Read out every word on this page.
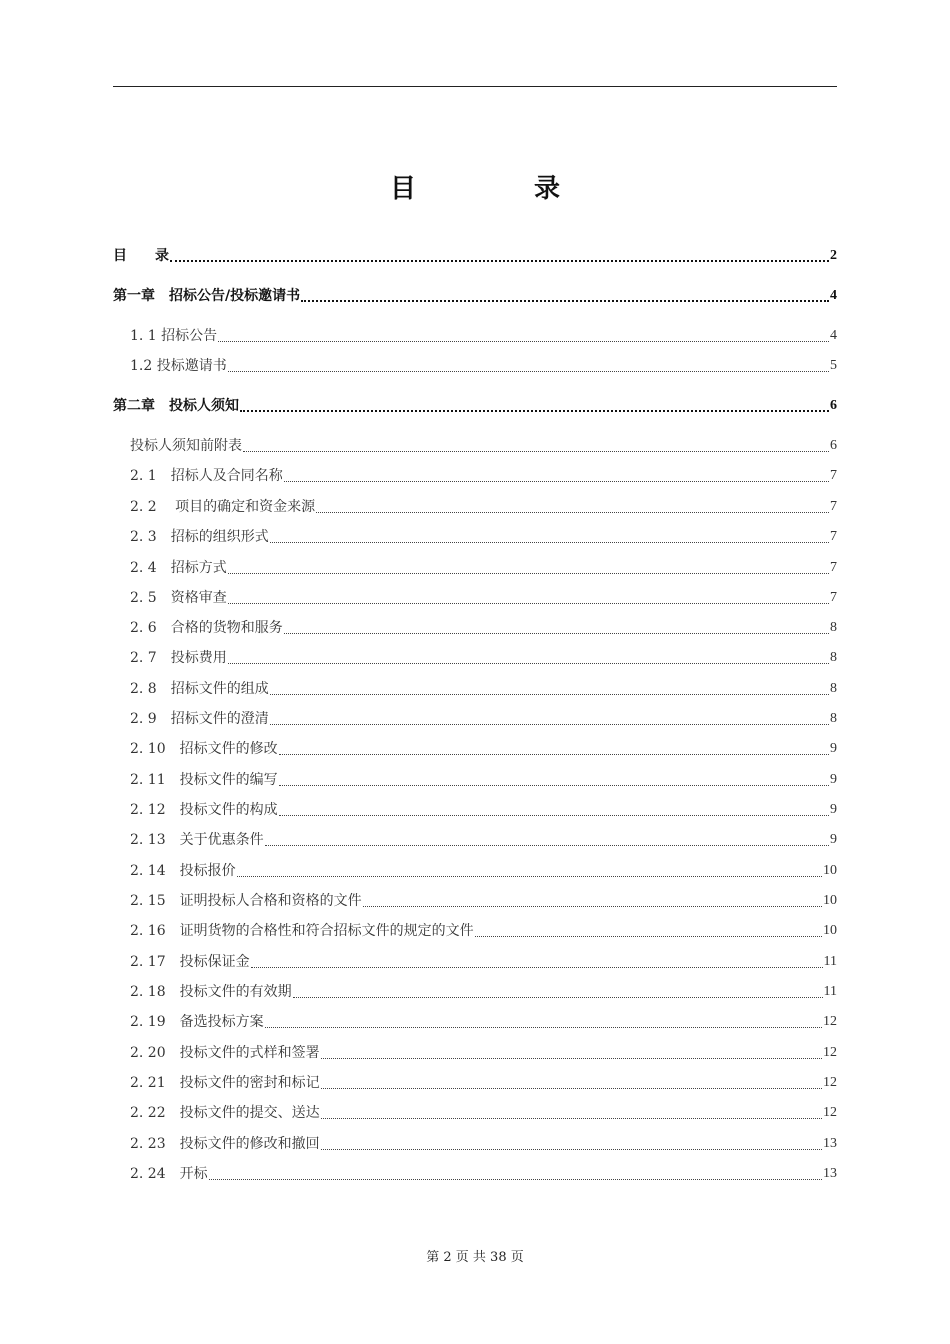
目　录
目　　录	2
第一章　招标公告/投标邀请书	4
1. 1 招标公告	4
1.2 投标邀请书	5
第二章　投标人须知	6
投标人须知前附表	6
2. 1　招标人及合同名称	7
2. 2　 项目的确定和资金来源	7
2. 3　招标的组织形式	7
2. 4　招标方式	7
2. 5　资格审查	7
2. 6　合格的货物和服务	8
2. 7　投标费用	8
2. 8　招标文件的组成	8
2. 9　招标文件的澄清	8
2. 10　招标文件的修改	9
2. 11　投标文件的编写	9
2. 12　投标文件的构成	9
2. 13　关于优惠条件	9
2. 14　投标报价	10
2. 15　证明投标人合格和资格的文件	10
2. 16　证明货物的合格性和符合招标文件的规定的文件	10
2. 17　投标保证金	11
2. 18　投标文件的有效期	11
2. 19　备选投标方案	12
2. 20　投标文件的式样和签署	12
2. 21　投标文件的密封和标记	12
2. 22　投标文件的提交、送达	12
2. 23　投标文件的修改和撤回	13
2. 24　开标	13
第 2 页 共 38 页
